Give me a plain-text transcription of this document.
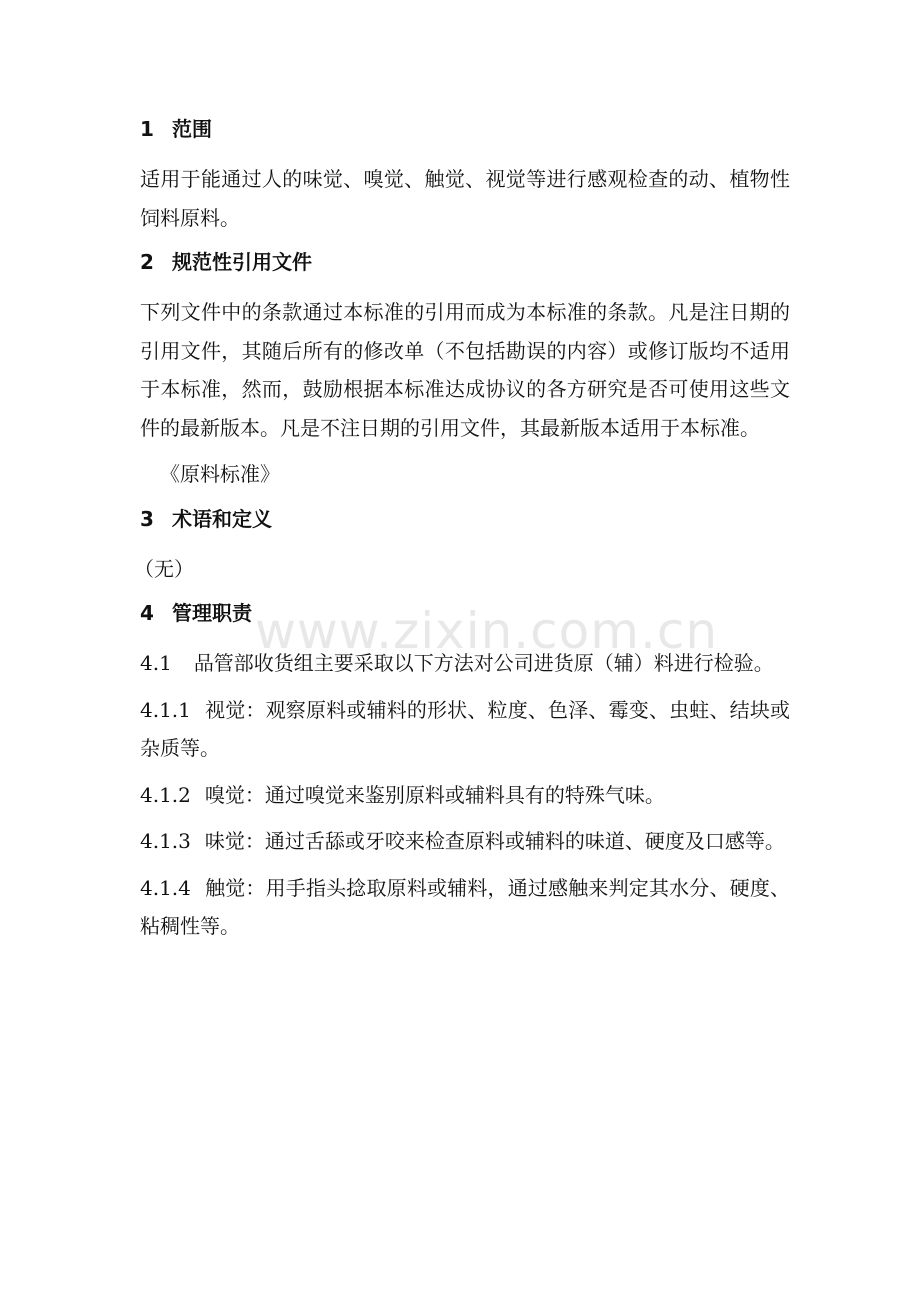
1 范围

适用于能通过人的味觉、嗅觉、触觉、视觉等进行感观检查的动、植物性饲料原料。

2 规范性引用文件

下列文件中的条款通过本标准的引用而成为本标准的条款。凡是注日期的引用文件，其随后所有的修改单（不包括勘误的内容）或修订版均不适用于本标准，然而，鼓励根据本标准达成协议的各方研究是否可使用这些文件的最新版本。凡是不注日期的引用文件，其最新版本适用于本标准。

《原料标准》

3 术语和定义

（无）

4 管理职责

4.1 品管部收货组主要采取以下方法对公司进货原（辅）料进行检验。

4.1.1 视觉：观察原料或辅料的形状、粒度、色泽、霉变、虫蛀、结块或杂质等。

4.1.2 嗅觉：通过嗅觉来鉴别原料或辅料具有的特殊气味。

4.1.3 味觉：通过舌舔或牙咬来检查原料或辅料的味道、硬度及口感等。

4.1.4 触觉：用手指头捻取原料或辅料，通过感触来判定其水分、硬度、粘稠性等。

www.zixin.com.cn
